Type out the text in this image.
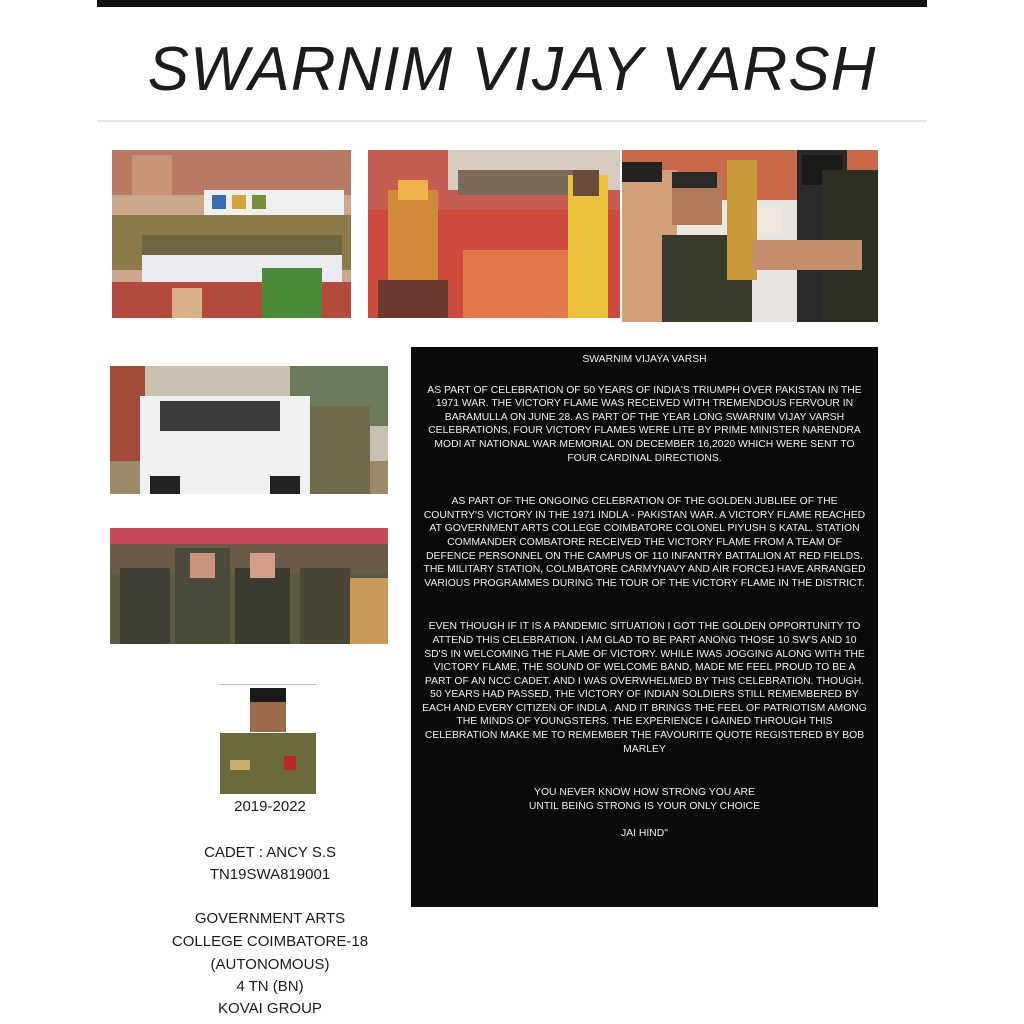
SWARNIM VIJAY VARSH

SWARNIM VIJAYA VARSH

AS PART OF CELEBRATION OF 50 YEARS OF INDIA'S TRIUMPH OVER PAKISTAN IN THE 1971 WAR. THE VICTORY FLAME WAS RECEIVED WITH TREMENDOUS FERVOUR IN BARAMULLA ON JUNE 28. AS PART OF THE YEAR LONG SWARNIM VIJAY VARSH CELEBRATIONS, FOUR VICTORY FLAMES WERE LITE BY PRIME MINISTER NARENDRA MODI AT NATIONAL WAR MEMORIAL ON DECEMBER 16,2020 WHICH WERE SENT TO FOUR CARDINAL DIRECTIONS.

AS PART OF THE ONGOING CELEBRATION OF THE GOLDEN JUBLIEE OF THE COUNTRY'S VICTORY IN THE 1971 INDLA - PAKISTAN WAR. A VICTORY FLAME REACHED AT GOVERNMENT ARTS COLLEGE COIMBATORE COLONEL PIYUSH S KATAL. STATION COMMANDER COMBATORE RECEIVED THE VICTORY FLAME FROM A TEAM OF DEFENCE PERSONNEL ON THE CAMPUS OF 110 INFANTRY BATTALION AT RED FIELDS. THE MILITARY STATION, COLMBATORE CARMYNAVY AND AIR FORCEJ HAVE ARRANGED VARIOUS PROGRAMMES DURING THE TOUR OF THE VICTORY FLAME IN THE DISTRICT.

EVEN THOUGH IF IT IS A PANDEMIC SITUATION I GOT THE GOLDEN OPPORTUNITY TO ATTEND THIS CELEBRATION. I AM GLAD TO BE PART ANONG THOSE 10 SW'S AND 10 SD'S IN WELCOMING THE FLAME OF VICTORY. WHILE IWAS JOGGING ALONG WITH THE VICTORY FLAME, THE SOUND OF WELCOME BAND, MADE ME FEEL PROUD TO BE A PART OF AN NCC CADET. AND I WAS OVERWHELMED BY THIS CELEBRATION. THOUGH. 50 YEARS HAD PASSED, THE VICTORY OF INDIAN SOLDIERS STILL REMEMBERED BY EACH AND EVERY CITIZEN OF INDLA . AND IT BRINGS THE FEEL OF PATRIOTISM AMONG THE MINDS OF YOUNGSTERS. THE EXPERIENCE I GAINED THROUGH THIS CELEBRATION MAKE ME TO REMEMBER THE FAVOURITE QUOTE REGISTERED BY BOB MARLEY

YOU NEVER KNOW HOW STRONG YOU ARE

UNTIL BEING STRONG IS YOUR ONLY CHOICE

JAI HIND"

2019-2022
CADET : ANCY S.S
TN19SWA819001
GOVERNMENT ARTS
COLLEGE COIMBATORE-18
(AUTONOMOUS)
4 TN (BN)
KOVAI GROUP
